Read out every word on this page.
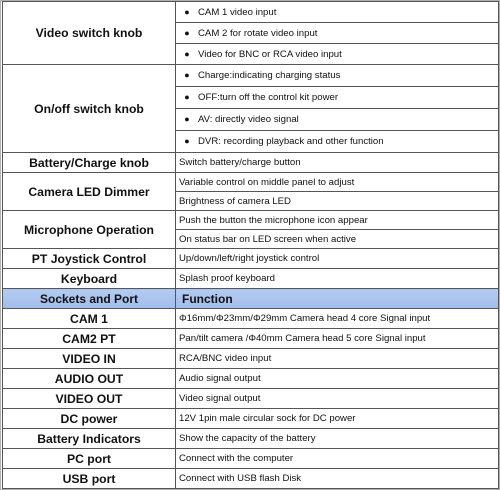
Video switch knob	● CAM 1 video input
	● CAM 2 for rotate video input
	● Video for BNC or RCA video input
On/off switch knob	● Charge:indicating charging status
	● OFF:turn off the control kit power
	● AV: directly video signal
	● DVR: recording playback and other function
Battery/Charge knob	Switch battery/charge button
Camera LED Dimmer	Variable control on middle panel to adjust
	Brightness of camera LED
Microphone Operation	Push the button the microphone icon appear
	On status bar on LED screen when active
PT Joystick Control	Up/down/left/right joystick control
Keyboard	Splash proof keyboard
Sockets and Port	Function
CAM 1	Φ16mm/Φ23mm/Φ29mm Camera head 4 core Signal input
CAM2 PT	Pan/tilt camera /Φ40mm Camera head 5 core Signal input
VIDEO IN	RCA/BNC video input
AUDIO OUT	Audio signal output
VIDEO OUT	Video signal output
DC power	12V 1pin male circular sock for DC power
Battery Indicators	Show the capacity of the battery
PC port	Connect with the computer
USB port	Connect with USB flash Disk
